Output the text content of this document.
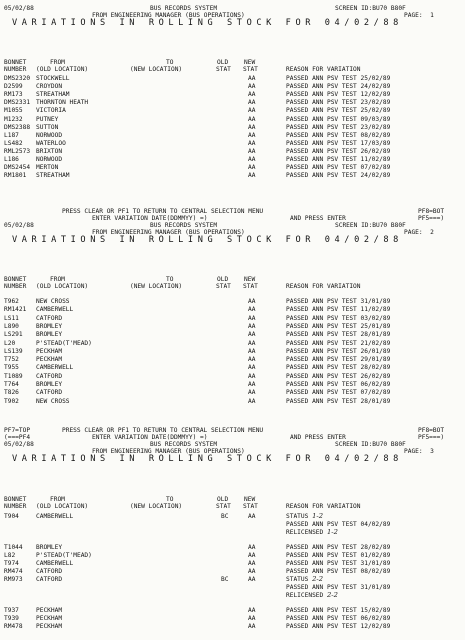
05/02/88	BUS RECORDS SYSTEM	SCREEN ID:BU70 B80F
FROM ENGINEERING MANAGER (BUS OPERATIONS)	PAGE:  1
VARIATIONS IN ROLLING STOCK FOR 04/02/88
BONNET	FROM	TO	OLD	NEW
NUMBER (OLD LOCATION)	(NEW LOCATION)	STAT STAT	REASON FOR VARIATION
DMS2320 STOCKWELL	AA	PASSED ANN PSV TEST 25/02/89
D2599 CROYDON	AA	PASSED ANN PSV TEST 24/02/89
RM173 STREATHAM	AA	PASSED ANN PSV TEST 12/02/89
DMS2331 THORNTON HEATH	AA	PASSED ANN PSV TEST 23/02/89
M1055 VICTORIA	AA	PASSED ANN PSV TEST 25/02/89
M1232 PUTNEY	AA	PASSED ANN PSV TEST 09/03/89
DMS2388 SUTTON	AA	PASSED ANN PSV TEST 23/02/89
L187	NORWOOD	AA	PASSED ANN PSV TEST 08/02/89
LS482 WATERLOO	AA	PASSED ANN PSV TEST 17/03/89
RML2573 BRIXTON	AA	PASSED ANN PSV TEST 26/02/89
L186	NORWOOD	AA	PASSED ANN PSV TEST 11/02/89
DMS2454 MERTON	AA	PASSED ANN PSV TEST 07/02/89
RM1801 STREATHAM	AA	PASSED ANN PSV TEST 24/02/89
PRESS CLEAR OR PF1 TO RETURN TO CENTRAL SELECTION MENU	PF8=BOT
ENTER VARIATION DATE(DDMMYY) =)	AND PRESS ENTER	PF5===)
05/02/88	BUS RECORDS SYSTEM	SCREEN ID:BU70 B80F
FROM ENGINEERING MANAGER (BUS OPERATIONS)	PAGE:  2
VARIATIONS IN ROLLING STOCK FOR 04/02/88
BONNET	FROM	TO	OLD	NEW
NUMBER (OLD LOCATION)	(NEW LOCATION)	STAT STAT	REASON FOR VARIATION
T962	NEW CROSS	AA	PASSED ANN PSV TEST 31/01/89
RM1421 CAMBERWELL	AA	PASSED ANN PSV TEST 11/02/89
LS11	CATFORD	AA	PASSED ANN PSV TEST 03/02/89
L890	BROMLEY	AA	PASSED ANN PSV TEST 25/01/89
LS291 BROMLEY	AA	PASSED ANN PSV TEST 28/01/89
L20	P'STEAD(T'MEAD)	AA	PASSED ANN PSV TEST 21/02/89
LS139 PECKHAM	AA	PASSED ANN PSV TEST 26/01/89
T752	PECKHAM	AA	PASSED ANN PSV TEST 29/01/89
T955	CAMBERWELL	AA	PASSED ANN PSV TEST 28/02/89
T1089 CATFORD	AA	PASSED ANN PSV TEST 26/02/89
T764	BROMLEY	AA	PASSED ANN PSV TEST 06/02/89
T826	CATFORD	AA	PASSED ANN PSV TEST 07/02/89
T902	NEW CROSS	AA	PASSED ANN PSV TEST 28/01/89
PF7=TOP	PRESS CLEAR OR PF1 TO RETURN TO CENTRAL SELECTION MENU	PF8=BOT
(===PF4	ENTER VARIATION DATE(DDMMYY) =)	AND PRESS ENTER	PF5===)
05/02/88	BUS RECORDS SYSTEM	SCREEN ID:BU70 B80F
FROM ENGINEERING MANAGER (BUS OPERATIONS)	PAGE:  3
VARIATIONS IN ROLLING STOCK FOR 04/02/88
BONNET	FROM	TO	OLD	NEW
NUMBER (OLD LOCATION)	(NEW LOCATION)	STAT STAT	REASON FOR VARIATION
T904	CAMBERWELL	BC	AA	STATUS 1-2
PASSED ANN PSV TEST 04/02/89
RELICENSED 1-2
T1044 BROMLEY	AA	PASSED ANN PSV TEST 28/02/89
L82	P'STEAD(T'MEAD)	AA	PASSED ANN PSV TEST 01/02/89
T974	CAMBERWELL	AA	PASSED ANN PSV TEST 31/01/89
RM474 CATFORD	AA	PASSED ANN PSV TEST 08/02/89
RM973 CATFORD	BC	AA	STATUS 2-2
PASSED ANN PSV TEST 31/01/89
RELICENSED 2-2
T937	PECKHAM	AA	PASSED ANN PSV TEST 15/02/89
T939	PECKHAM	AA	PASSED ANN PSV TEST 06/02/89
RM478 PECKHAM	AA	PASSED ANN PSV TEST 12/02/89
